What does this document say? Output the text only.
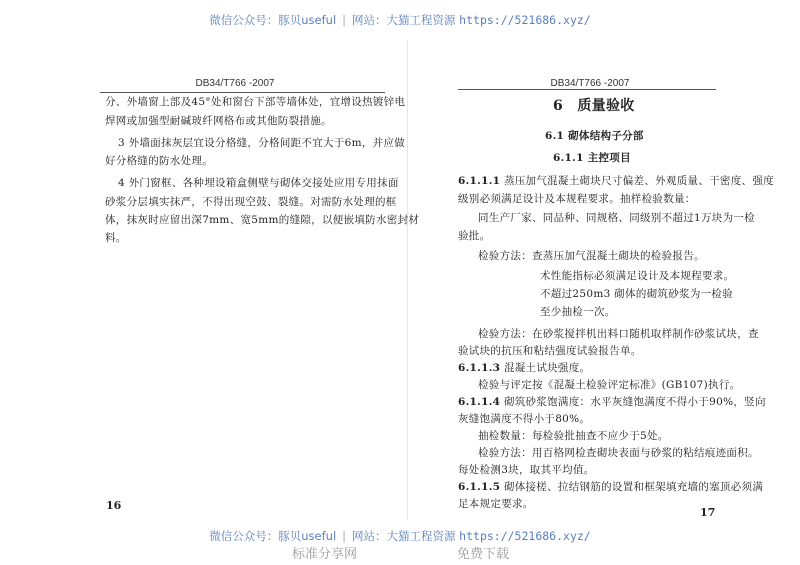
微信公众号：豚贝useful | 网站：大猫工程资源 https://521686.xyz/
微信公众号：豚贝useful | 网站：大猫工程资源 https://521686.xyz/
标准分享网	免费下载
DB34/T766 -2007
分、外墙窗上部及45°处和窗台下部等墙体处，宜增设热镀锌电
焊网或加强型耐碱玻纤网格布或其他防裂措施。
3 外墙面抹灰层宜设分格缝，分格间距不宜大于6m，并应做
好分格缝的防水处理。
4 外门窗框、各种埋设箱盒侧壁与砌体交接处应用专用抹面
砂浆分层填实抹严，不得出现空鼓、裂缝。对需防水处理的框
体，抹灰时应留出深7mm、宽5mm的缝隙，以便嵌填防水密封材
料。
16
DB34/T766 -2007
6　质量验收
6.1 砌体结构子分部
6.1.1 主控项目
6.1.1.1 蒸压加气混凝土砌块尺寸偏差、外观质量、干密度、强度
级别必须满足设计及本规程要求。抽样检验数量：
同生产厂家、同品种、同规格、同级别不超过1万块为一检
验批。
检验方法：查蒸压加气混凝土砌块的检验报告。
术性能指标必须满足设计及本规程要求。
不超过250m3 砌体的砌筑砂浆为一检验
至少抽检一次。
检验方法：在砂浆搅拌机出料口随机取样制作砂浆试块，查
验试块的抗压和粘结强度试验报告单。
6.1.1.3 混凝土试块强度。
检验与评定按《混凝土检验评定标准》(GB107)执行。
6.1.1.4 砌筑砂浆饱满度：水平灰缝饱满度不得小于90%，竖向
灰缝饱满度不得小于80%。
抽检数量：每检验批抽查不应少于5处。
检验方法：用百格网检查砌块表面与砂浆的粘结痕迹面积。
每处检测3块，取其平均值。
6.1.1.5 砌体接槎、拉结钢筋的设置和框架填充墙的塞顶必须满
足本规定要求。
17
